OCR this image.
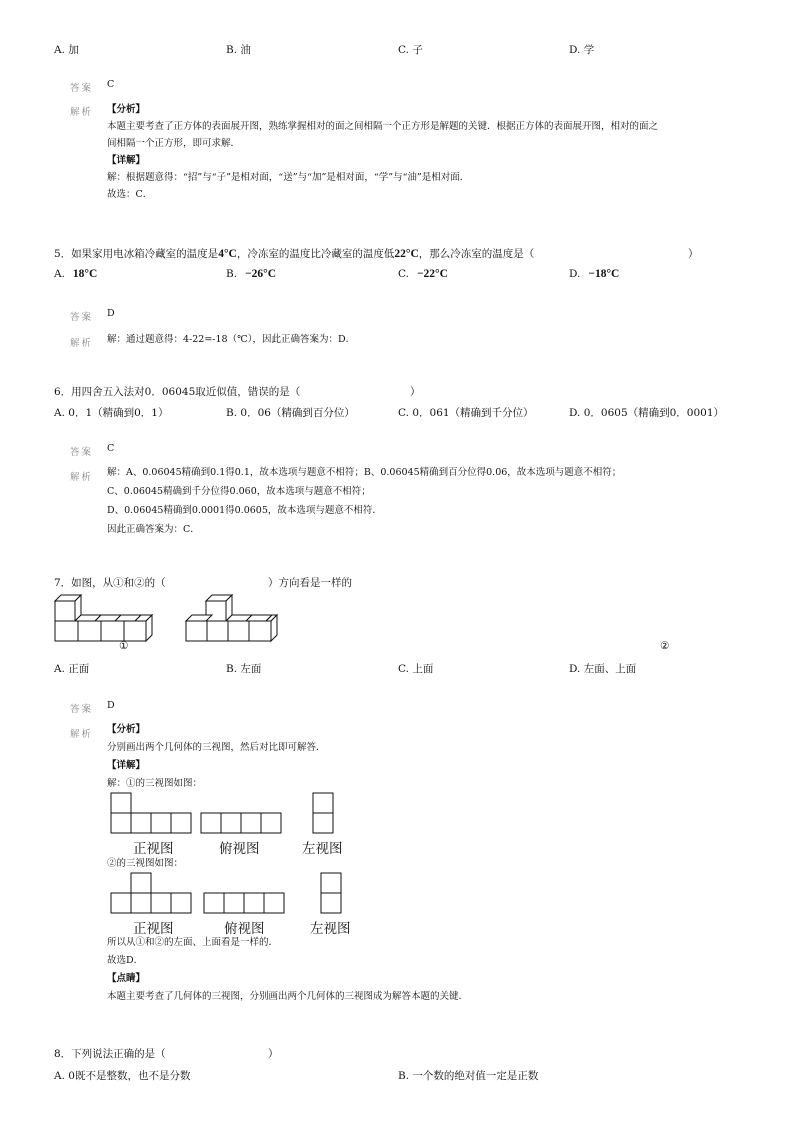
A. 加	B. 油	C. 子	D. 学
答案 C
解析 【分析】
本题主要考查了正方体的表面展开图，熟练掌握相对的面之间相隔一个正方形是解题的关键．根据正方体的表面展开图，相对的面之
间相隔一个正方形，即可求解．
【详解】
解：根据题意得：“招”与“子”是相对面，“送”与“加”是相对面，“学”与“油”是相对面．
故选：C．
5．如果家用电冰箱冷藏室的温度是4°C，冷冻室的温度比冷藏室的温度低22°C，那么冷冻室的温度是（	）
A. 18°C	B. −26°C	C. −22°C	D. −18°C
答案 D
解析 解：通过题意得：4-22=-18（℃），因此正确答案为：D．
6．用四舍五入法对0．06045取近似值，错误的是（	）
A. 0．1（精确到0．1）	B. 0．06（精确到百分位）	C. 0．061（精确到千分位）	D. 0．0605（精确到0．0001）
答案 C
解析 解：A、0.06045精确到0.1得0.1，故本选项与题意不相符；B、0.06045精确到百分位得0.06，故本选项与题意不相符；
C、0.06045精确到千分位得0.060，故本选项与题意不相符；
D、0.06045精确到0.0001得0.0605，故本选项与题意不相符．
因此正确答案为：C．
7．如图，从①和②的（	）方向看是一样的
①	②
A. 正面	B. 左面	C. 上面	D. 左面、上面
答案 D
解析 【分析】
分别画出两个几何体的三视图，然后对比即可解答．
【详解】
解：①的三视图如图：
正视图	俯视图	左视图
②的三视图如图：
正视图	俯视图	左视图
所以从①和②的左面、上面看是一样的．
故选D．
【点睛】
本题主要考查了几何体的三视图，分别画出两个几何体的三视图成为解答本题的关键．
8．下列说法正确的是（	）
A. 0既不是整数，也不是分数	B. 一个数的绝对值一定是正数
